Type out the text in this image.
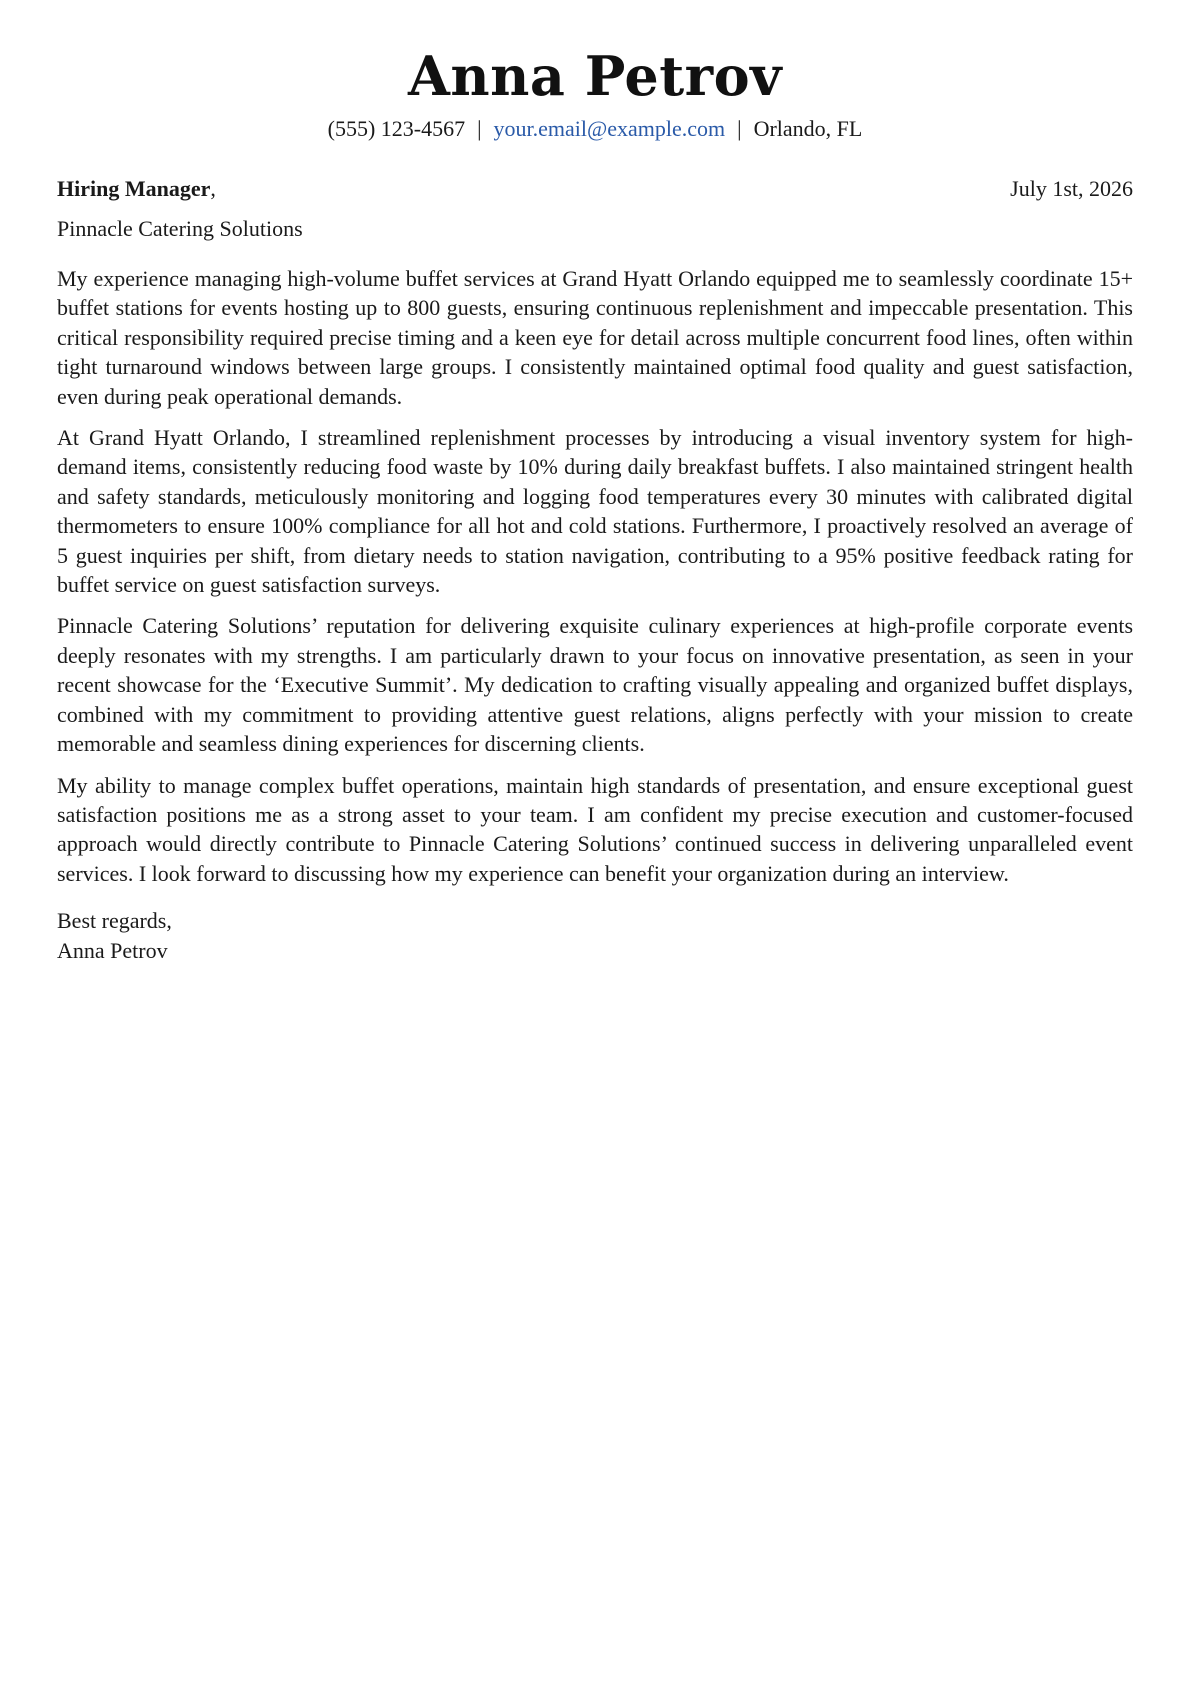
Anna Petrov
(555) 123-4567 | your.email@example.com | Orlando, FL
Hiring Manager,	July 1st, 2026
Pinnacle Catering Solutions

My experience managing high-volume buffet services at Grand Hyatt Orlando equipped me to seamlessly coordinate 15+ buffet stations for events hosting up to 800 guests, ensuring continuous replenishment and impeccable presentation. This critical responsibility required precise timing and a keen eye for detail across multiple concurrent food lines, often within tight turnaround windows between large groups. I consistently maintained optimal food quality and guest satisfaction, even during peak operational demands.

At Grand Hyatt Orlando, I streamlined replenishment processes by introducing a visual inventory system for high-demand items, consistently reducing food waste by 10% during daily breakfast buffets. I also maintained stringent health and safety standards, meticulously monitoring and logging food temperatures every 30 minutes with calibrated digital thermometers to ensure 100% compliance for all hot and cold stations. Furthermore, I proactively resolved an average of 5 guest inquiries per shift, from dietary needs to station navigation, contributing to a 95% positive feedback rating for buffet service on guest satisfaction surveys.

Pinnacle Catering Solutions’ reputation for delivering exquisite culinary experiences at high-profile corporate events deeply resonates with my strengths. I am particularly drawn to your focus on innovative presentation, as seen in your recent showcase for the ‘Executive Summit’. My dedication to crafting visually appealing and organized buffet displays, combined with my commitment to providing attentive guest relations, aligns perfectly with your mission to create memorable and seamless dining experiences for discerning clients.

My ability to manage complex buffet operations, maintain high standards of presentation, and ensure exceptional guest satisfaction positions me as a strong asset to your team. I am confident my precise execution and customer-focused approach would directly contribute to Pinnacle Catering Solutions’ continued success in delivering unparalleled event services. I look forward to discussing how my experience can benefit your organization during an interview.

Best regards,
Anna Petrov
